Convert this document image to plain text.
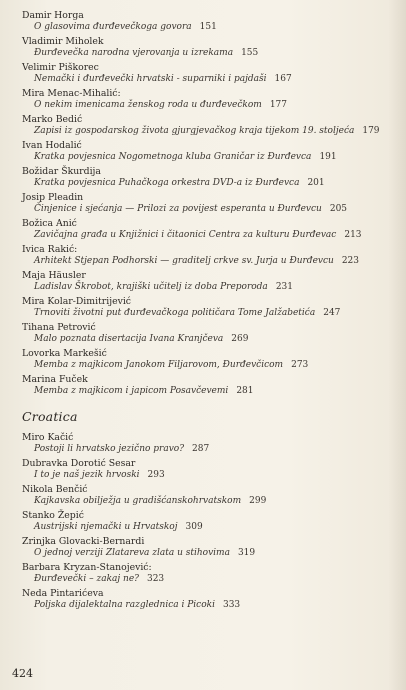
Damir Horga
O glasovima đurđevečkoga govora 151
Vladimir Miholek
Đurđevečka narodna vjerovanja u izrekama 155
Velimir Piškorec
Nemački i đurđevečki hrvatski - suparniki i pajdaši 167
Mira Menac-Mihalić:
O nekim imenicama ženskog roda u đurđevečkom 177
Marko Bedić
Zapisi iz gospodarskog života gjurgjevačkog kraja tijekom 19. stoljeća 179
Ivan Hodalić
Kratka povjesnica Nogometnoga kluba Graničar iz Đurđevca 191
Božidar Škurdija
Kratka povjesnica Puhačkoga orkestra DVD-a iz Đurđevca 201
Josip Pleadin
Činjenice i sjećanja — Prilozi za povijest esperanta u Đurđevcu 205
Božica Anić
Zavičajna građa u Knjižnici i čitaonici Centra za kulturu Đurđevac 213
Ivica Rakić:
Arhitekt Stjepan Podhorski — graditelj crkve sv. Jurja u Đurđevcu 223
Maja Häusler
Ladislav Škrobot, krajiški učitelj iz doba Preporoda 231
Mira Kolar-Dimitrijević
Trnoviti životni put đurđevačkoga političara Tome Jalžabetića 247
Tihana Petrović
Malo poznata disertacija Ivana Kranjčeva 269
Lovorka Markešić
Memba z majkicom Janokom Filjarovom, Đurđevčicom 273
Marina Fuček
Memba z majkicom i japicom Posavčevemi 281
Croatica
Miro Kačić
Postoji li hrvatsko jezično pravo? 287
Dubravka Dorotić Sesar
I to je naš jezik hrvoski 293
Nikola Benčić
Kajkavska obilježja u gradišćanskohrvatskom 299
Stanko Žepić
Austrijski njemački u Hrvatskoj 309
Zrinjka Glovacki-Bernardi
O jednoj verziji Zlatareva zlata u stihovima 319
Barbara Kryzan-Stanojević:
Đurđevečki – zakaj ne? 323
Neda Pintarićeva
Poljska dijalektalna razglednica i Picoki 333
424
